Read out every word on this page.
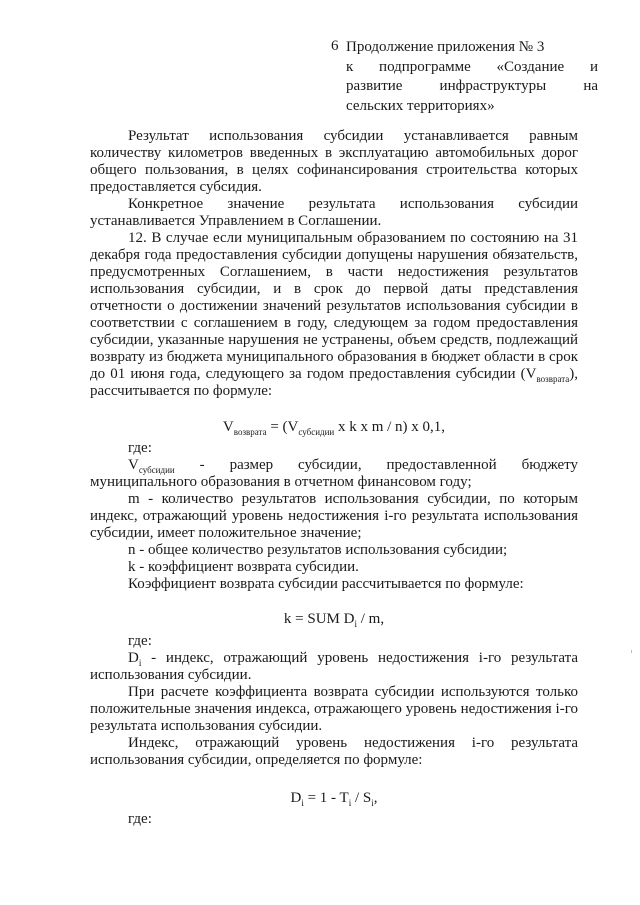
6 Продолжение приложения № 3
к подпрограмме «Создание и
развитие инфраструктуры на
сельских территориях»

Результат использования субсидии устанавливается равным количеству километров введенных в эксплуатацию автомобильных дорог общего пользования, в целях софинансирования строительства которых предоставляется субсидия.

Конкретное значение результата использования субсидии устанавливается Управлением в Соглашении.

12. В случае если муниципальным образованием по состоянию на 31 декабря года предоставления субсидии допущены нарушения обязательств, предусмотренных Соглашением, в части недостижения результатов использования субсидии, и в срок до первой даты представления отчетности о достижении значений результатов использования субсидии в соответствии с соглашением в году, следующем за годом предоставления субсидии, указанные нарушения не устранены, объем средств, подлежащий возврату из бюджета муниципального образования в бюджет области в срок до 01 июня года, следующего за годом предоставления субсидии $(V_{возврата})$, рассчитывается по формуле:

$V_{возврата} = (V_{субсидии}$ x k x m / n) x 0,1,

где:

$V_{субсидии}$ - размер субсидии, предоставленной бюджету муниципального образования в отчетном финансовом году;

m - количество результатов использования субсидии, по которым индекс, отражающий уровень недостижения i-го результата использования субсидии, имеет положительное значение;

n - общее количество результатов использования субсидии;

k - коэффициент возврата субсидии.

Коэффициент возврата субсидии рассчитывается по формуле:

k = SUM $D_i$ / m,

где:

$D_i$ - индекс, отражающий уровень недостижения i-го результата использования субсидии.

При расчете коэффициента возврата субсидии используются только положительные значения индекса, отражающего уровень недостижения i-го результата использования субсидии.

Индекс, отражающий уровень недостижения i-го результата использования субсидии, определяется по формуле:

$D_i = 1 - T_i / S_i$,

где:
